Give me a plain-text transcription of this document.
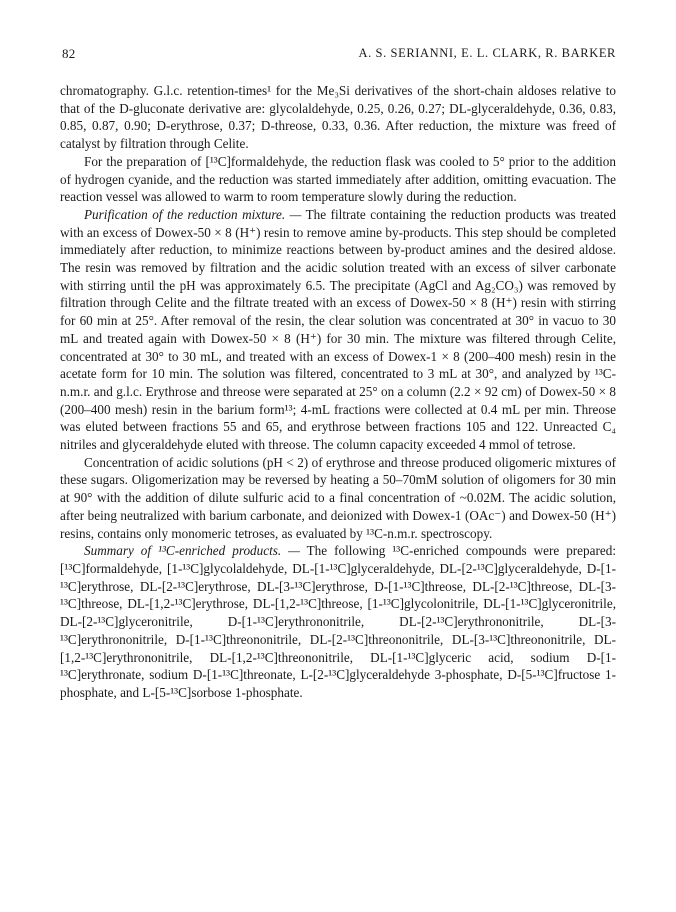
82	A. S. SERIANNI, E. L. CLARK, R. BARKER

chromatography. G.l.c. retention-times¹ for the Me₃Si derivatives of the short-chain aldoses relative to that of the D-gluconate derivative are: glycolaldehyde, 0.25, 0.26, 0.27; DL-glyceraldehyde, 0.36, 0.83, 0.85, 0.87, 0.90; D-erythrose, 0.37; D-threose, 0.33, 0.36. After reduction, the mixture was freed of catalyst by filtration through Celite.

For the preparation of [¹³C]formaldehyde, the reduction flask was cooled to 5° prior to the addition of hydrogen cyanide, and the reduction was started immediately after addition, omitting evacuation. The reaction vessel was allowed to warm to room temperature slowly during the reduction.

Purification of the reduction mixture. — The filtrate containing the reduction products was treated with an excess of Dowex-50 × 8 (H⁺) resin to remove amine by-products. This step should be completed immediately after reduction, to minimize reactions between by-product amines and the desired aldose. The resin was removed by filtration and the acidic solution treated with an excess of silver carbonate with stirring until the pH was approximately 6.5. The precipitate (AgCl and Ag₂CO₃) was removed by filtration through Celite and the filtrate treated with an excess of Dowex-50 × 8 (H⁺) resin with stirring for 60 min at 25°. After removal of the resin, the clear solution was concentrated at 30° in vacuo to 30 mL and treated again with Dowex-50 × 8 (H⁺) for 30 min. The mixture was filtered through Celite, concentrated at 30° to 30 mL, and treated with an excess of Dowex-1 × 8 (200–400 mesh) resin in the acetate form for 10 min. The solution was filtered, concentrated to 3 mL at 30°, and analyzed by ¹³C-n.m.r. and g.l.c. Erythrose and threose were separated at 25° on a column (2.2 × 92 cm) of Dowex-50 × 8 (200–400 mesh) resin in the barium form¹³; 4-mL fractions were collected at 0.4 mL per min. Threose was eluted between fractions 55 and 65, and erythrose between fractions 105 and 122. Unreacted C₄ nitriles and glyceraldehyde eluted with threose. The column capacity exceeded 4 mmol of tetrose.

Concentration of acidic solutions (pH < 2) of erythrose and threose produced oligomeric mixtures of these sugars. Oligomerization may be reversed by heating a 50–70mM solution of oligomers for 30 min at 90° with the addition of dilute sulfuric acid to a final concentration of ~0.02M. The acidic solution, after being neutralized with barium carbonate, and deionized with Dowex-1 (OAc⁻) and Dowex-50 (H⁺) resins, contains only monomeric tetroses, as evaluated by ¹³C-n.m.r. spectroscopy.

Summary of ¹³C-enriched products. — The following ¹³C-enriched compounds were prepared: [¹³C]formaldehyde, [1-¹³C]glycolaldehyde, DL-[1-¹³C]glyceraldehyde, DL-[2-¹³C]glyceraldehyde, D-[1-¹³C]erythrose, DL-[2-¹³C]erythrose, DL-[3-¹³C]erythrose, D-[1-¹³C]threose, DL-[2-¹³C]threose, DL-[3-¹³C]threose, DL-[1,2-¹³C]erythrose, DL-[1,2-¹³C]threose, [1-¹³C]glycolonitrile, DL-[1-¹³C]glyceronitrile, DL-[2-¹³C]glyceronitrile, D-[1-¹³C]erythrononitrile, DL-[2-¹³C]erythrononitrile, DL-[3-¹³C]erythrononitrile, D-[1-¹³C]threononitrile, DL-[2-¹³C]threononitrile, DL-[3-¹³C]threononitrile, DL-[1,2-¹³C]erythrononitrile, DL-[1,2-¹³C]threononitrile, DL-[1-¹³C]glyceric acid, sodium D-[1-¹³C]erythronate, sodium D-[1-¹³C]threonate, L-[2-¹³C]glyceraldehyde 3-phosphate, D-[5-¹³C]fructose 1-phosphate, and L-[5-¹³C]sorbose 1-phosphate.
